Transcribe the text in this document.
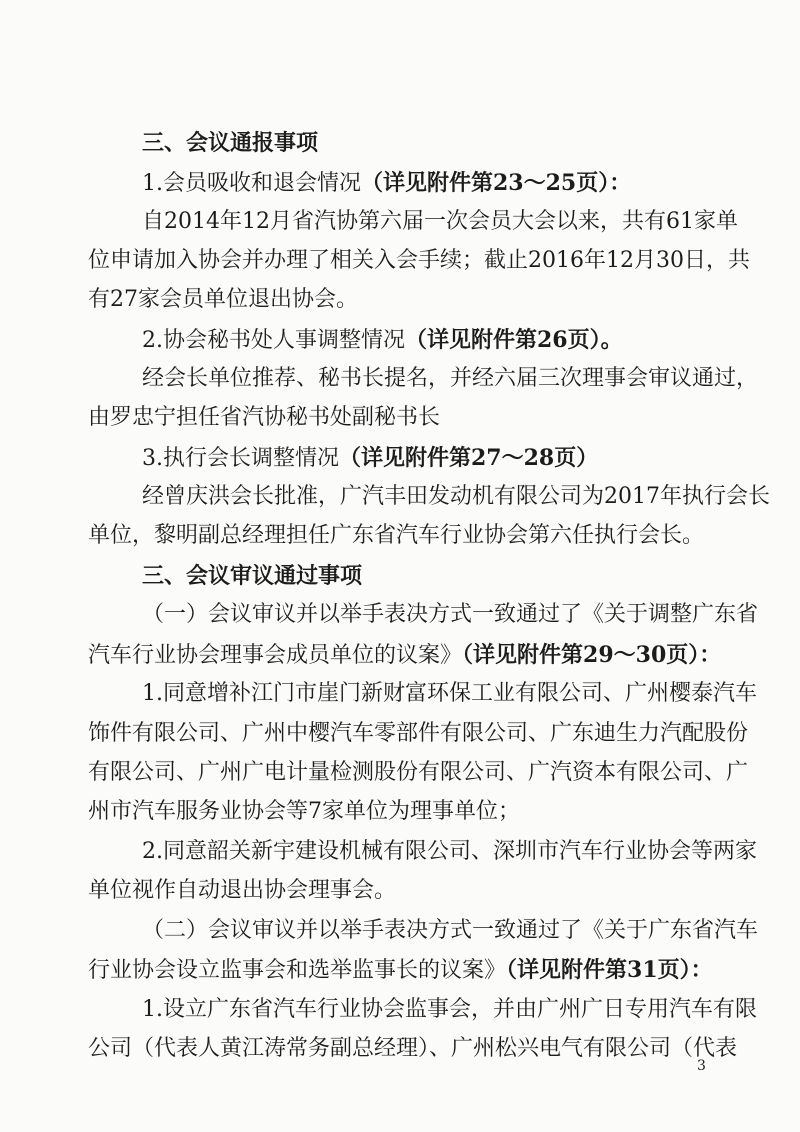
三、会议通报事项
1.会员吸收和退会情况（详见附件第23～25页）：
自2014年12月省汽协第六届一次会员大会以来，共有61家单
位申请加入协会并办理了相关入会手续；截止2016年12月30日，共
有27家会员单位退出协会。
2.协会秘书处人事调整情况（详见附件第26页）。
经会长单位推荐、秘书长提名，并经六届三次理事会审议通过，
由罗忠宁担任省汽协秘书处副秘书长
3.执行会长调整情况（详见附件第27～28页）
经曾庆洪会长批准，广汽丰田发动机有限公司为2017年执行会长
单位，黎明副总经理担任广东省汽车行业协会第六任执行会长。
三、会议审议通过事项
（一）会议审议并以举手表决方式一致通过了《关于调整广东省
汽车行业协会理事会成员单位的议案》（详见附件第29～30页）：
1.同意增补江门市崖门新财富环保工业有限公司、广州樱泰汽车
饰件有限公司、广州中樱汽车零部件有限公司、广东迪生力汽配股份
有限公司、广州广电计量检测股份有限公司、广汽资本有限公司、广
州市汽车服务业协会等7家单位为理事单位；
2.同意韶关新宇建设机械有限公司、深圳市汽车行业协会等两家
单位视作自动退出协会理事会。
（二）会议审议并以举手表决方式一致通过了《关于广东省汽车
行业协会设立监事会和选举监事长的议案》（详见附件第31页）：
1.设立广东省汽车行业协会监事会，并由广州广日专用汽车有限
公司（代表人黄江涛常务副总经理）、广州松兴电气有限公司（代表
3
